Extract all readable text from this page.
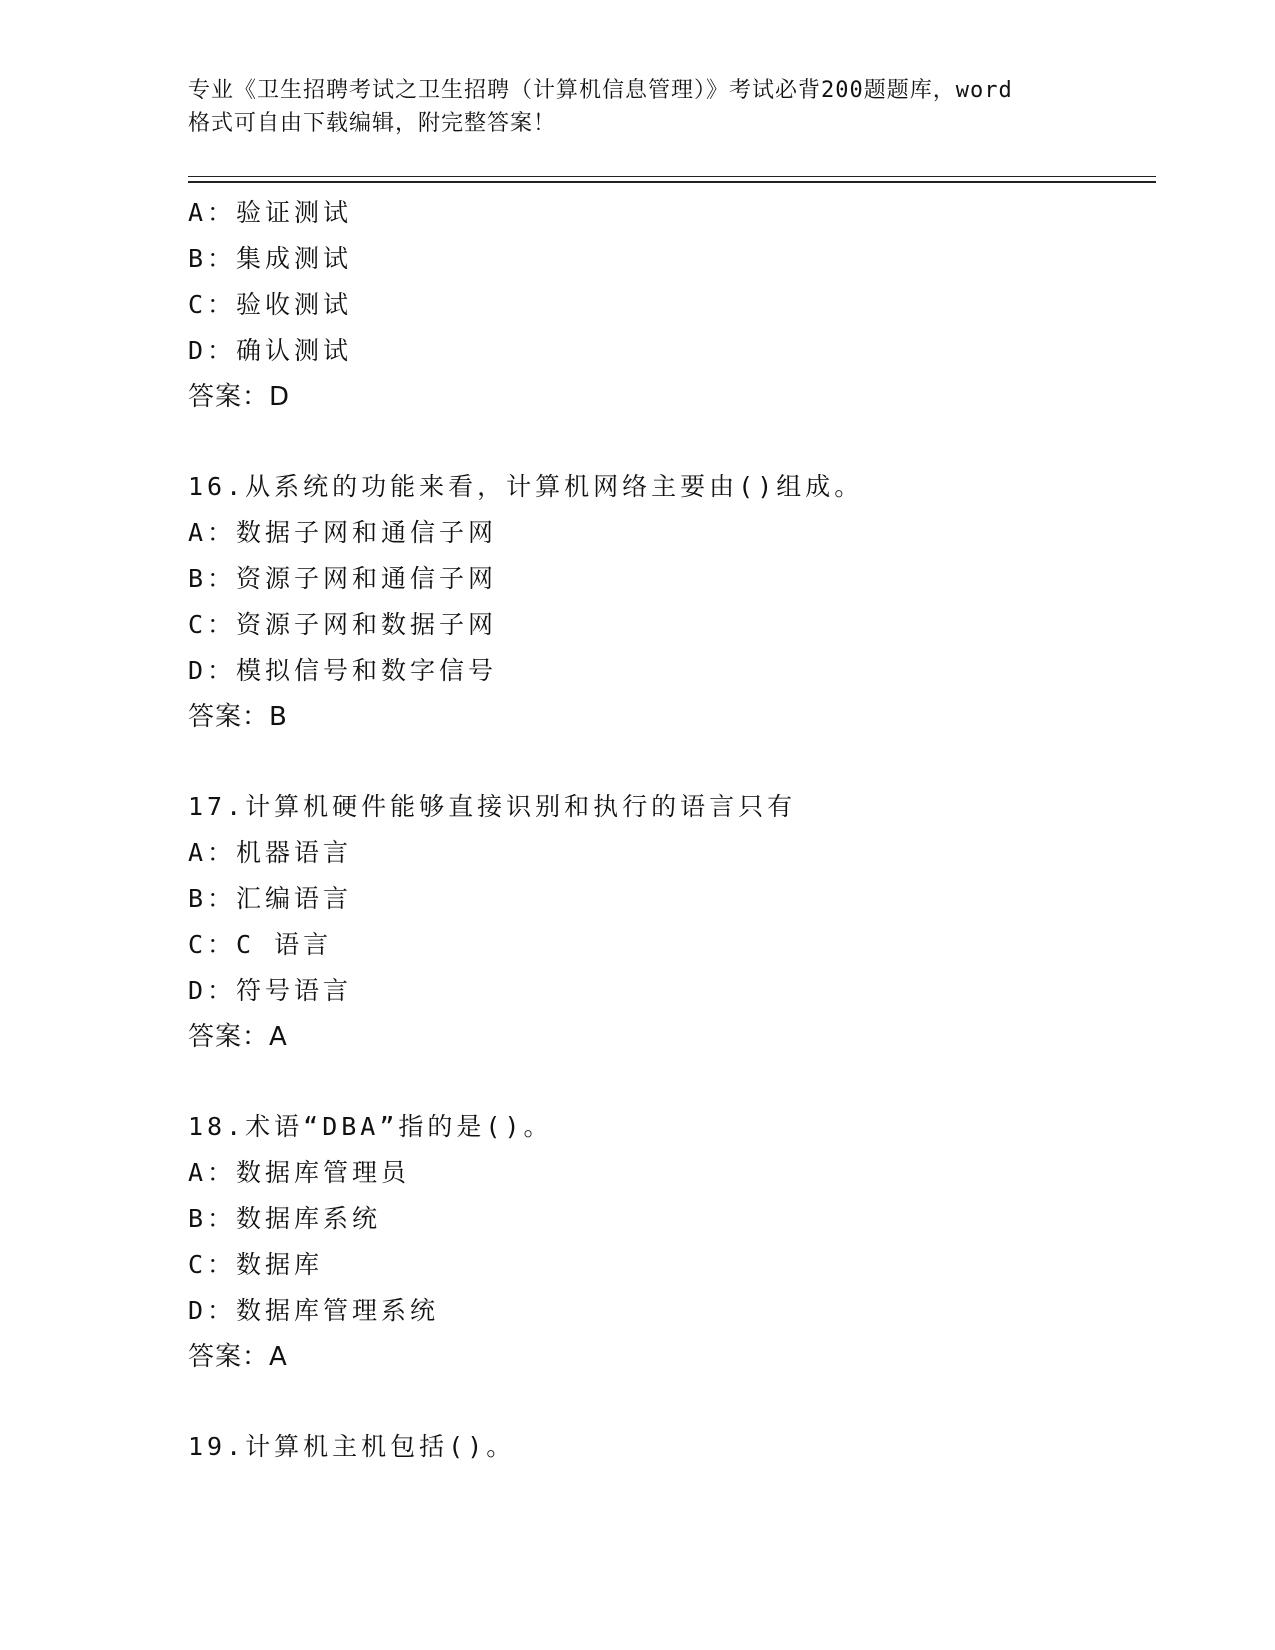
专业《卫生招聘考试之卫生招聘（计算机信息管理）》考试必背200题题库，word
格式可自由下载编辑，附完整答案！
A：验证测试
B：集成测试
C：验收测试
D：确认测试
答案：D
16.从系统的功能来看，计算机网络主要由()组成。
A：数据子网和通信子网
B：资源子网和通信子网
C：资源子网和数据子网
D：模拟信号和数字信号
答案：B
17.计算机硬件能够直接识别和执行的语言只有
A：机器语言
B：汇编语言
C：C 语言
D：符号语言
答案：A
18.术语“DBA”指的是()。
A：数据库管理员
B：数据库系统
C：数据库
D：数据库管理系统
答案：A
19.计算机主机包括()。
